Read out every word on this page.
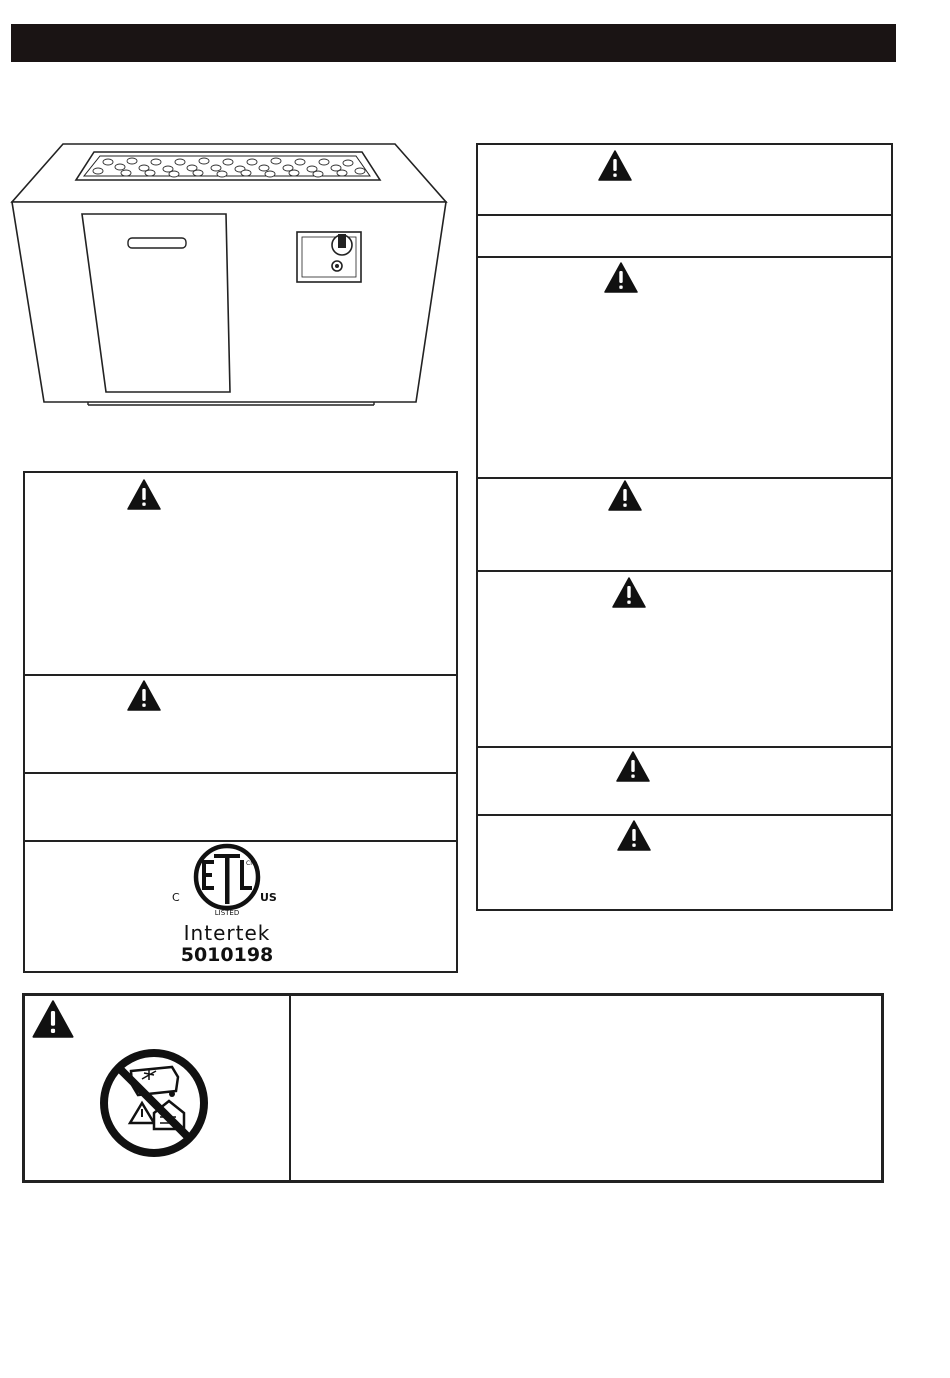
CM
C	US
LISTED
Intertek
5010198
